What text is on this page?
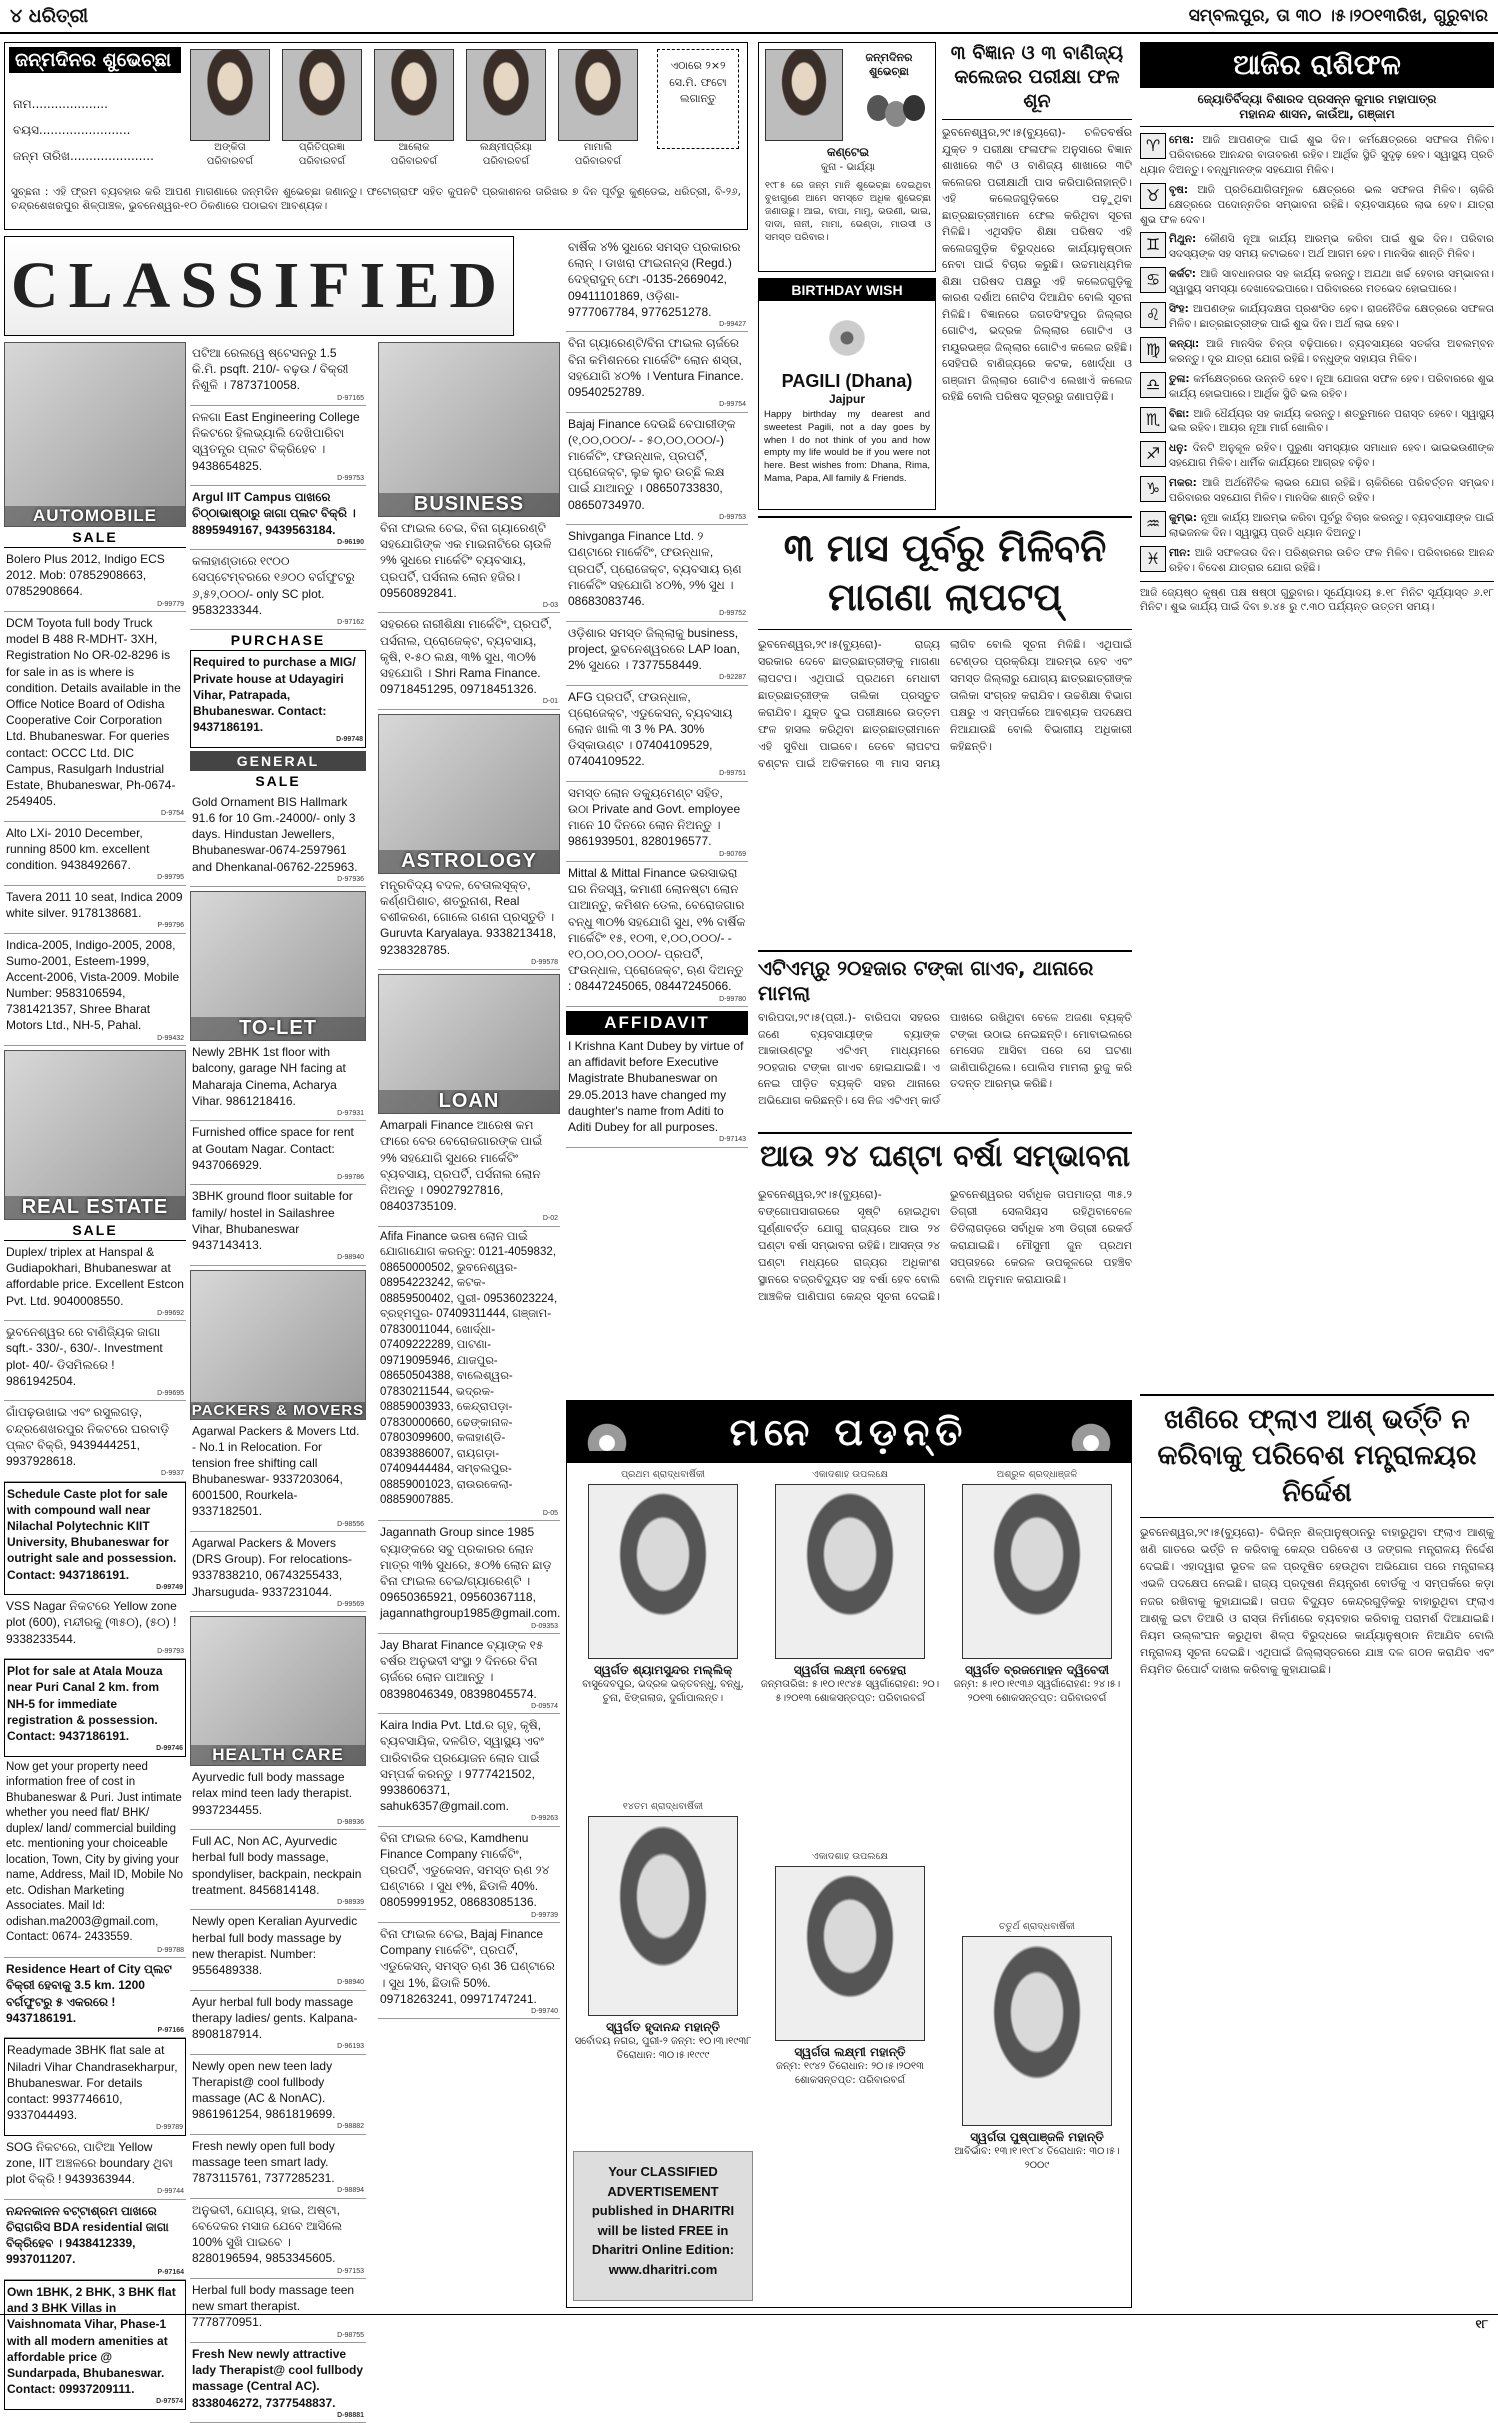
୪ ଧରିତ୍ରୀ	ସମ୍ବଲପୁର, ତା ୩୦ ।୫।୨୦୧୩ରିଖ, ଗୁରୁବାର
ଜନ୍ମଦିନର ଶୁଭେଚ୍ଛା
ନାମ....................
ବୟସ........................
ଜନ୍ମ ତାରିଖ......................
ଅଙ୍କିତା
ପରିବାରବର୍ଗ
ପ୍ରିତିପ୍ରଜ୍ଞା
ପରିବାରବର୍ଗ
ଆଲୋକ
ପରିବାରବର୍ଗ
ଲକ୍ଷ୍ମୀପ୍ରିୟା
ପରିବାରବର୍ଗ
ମାମାଲି
ପରିବାରବର୍ଗ
ଏଠାରେ ୨×୨ ସେ.ମି. ଫଟୋ ଲଗାନ୍ତୁ
ସୁଚ୍ଛନା : ଏହି ଫ୍ରମ ବ୍ୟବହାର କରି ଆପଣ ମାଗଣାରେ ଜନ୍ମଦିନ ଶୁଭେଚ୍ଛା ଜଣାନ୍ତୁ। ଫଟୋଗ୍ରାଫ ସହିତ କୁପନଟି ପ୍ରକାଶନର ତାରିଖର ୭ ଦିନ ପୂର୍ବରୁ କୁଣ୍ଡେଇ, ଧରିତ୍ରୀ, ବି-୨୬, ଚନ୍ଦ୍ରଶେଖରପୁର ଶିଳ୍ପାଞ୍ଚଳ, ଭୁବନେଶ୍ୱର-୧୦ ଠିକଣାରେ ପଠାଇବା ଆବଶ୍ୟକ।
CLASSIFIED
AUTOMOBILE
SALE
Bolero Plus 2012, Indigo ECS 2012. Mob: 07852908663, 07852908664.
D-99779
DCM Toyota full body Truck model B 488 R-MDHT- 3XH, Registration No OR-02-8296 is for sale in as is where is condition. Details available in the Office Notice Board of Odisha Cooperative Coir Corporation Ltd. Bhubaneswar. For queries contact: OCCC Ltd. DIC Campus, Rasulgarh Industrial Estate, Bhubaneswar, Ph-0674-2549405.
D-9754
Alto LXi- 2010 December, running 8500 km. excellent condition. 9438492667.
D-99795
Tavera 2011 10 seat, Indica 2009 white silver. 9178138681.
P-99796
Indica-2005, Indigo-2005, 2008, Sumo-2001, Esteem-1999, Accent-2006, Vista-2009. Mobile Number: 9583106594, 7381421357, Shree Bharat Motors Ltd., NH-5, Pahal.
D-99432
REAL ESTATE
SALE
Duplex/ triplex at Hanspal & Gudiapokhari, Bhubaneswar at affordable price. Excellent Estcon Pvt. Ltd. 9040008550.
D-99692
ଭୁବନେଶ୍ୱର ରେ ବାଣିଜ୍ୟିକ ଜାଗା sqft.- 330/-, 630/-. Investment plot- 40/- ଡିସମିଲରେ ! 9861942504.
D-99695
ଗାଁପଢ଼ଉଖାଇ ଏବଂ ରସୁଲଗଡ଼, ଚନ୍ଦ୍ରଶେଖରପୁର ନିକଟରେ ଘରବାଡ଼ି ପ୍ଲଟ ବିକ୍ରି, 9439444251, 9937928618.
D-9937
Schedule Caste plot for sale with compound wall near Nilachal Polytechnic KIIT University, Bhubaneswar for outright sale and possession. Contact: 9437186191.
D-99749
VSS Nagar ନିକଟରେ Yellow zone plot (600), ମନ୍ଦୀରକୁ (୩୫୦), (୫୦) ! 9338233544.
D-99793
Plot for sale at Atala Mouza near Puri Canal 2 km. from NH-5 for immediate registration & possession. Contact: 9437186191.
D-99746
Now get your property need information free of cost in Bhubaneswar & Puri. Just intimate whether you need flat/ BHK/ duplex/ land/ commercial building etc. mentioning your choiceable location, Town, City by giving your name, Address, Mail ID, Mobile No etc. Odishan Marketing Associates. Mail Id: odishan.ma2003@gmail.com, Contact: 0674- 2433559.
D-99788
Residence Heart of City ପ୍ଲଟ ବିକ୍ରୀ ହେବାକୁ 3.5 km. 1200 ବର୍ଗଫୁଟରୁ ୫ ଏକରରେ ! 9437186191.
P-97166
Readymade 3BHK flat sale at Niladri Vihar Chandrasekharpur, Bhubaneswar. For details contact: 9937746610, 9337044493.
D-99789
SOG ନିକଟରେ, ପାଟିଆ Yellow zone, IIT ଅଞ୍ଚଳରେ boundary ଥିବା plot ବିକ୍ରି ! 9439363944.
D-99744
ନନ୍ଦନକାନନ ବଟ୍ଟାଶ୍ରମ ପାଖରେ ଚିରାଗରିସ BDA residential ଜାଗା ବିକ୍ରିହେବ । 9438412339, 9937011207.
P-97164
Own 1BHK, 2 BHK, 3 BHK flat and 3 BHK Villas in Vaishnomata Vihar, Phase-1 with all modern amenities at affordable price @ Sundarpada, Bhubaneswar. Contact: 09937209111.
D-97574
ପଟିଆ ରେଲୱେ ଷ୍ଟେସନରୁ 1.5 କି.ମି. psqft. 210/- ବଢ଼ଉ / ବିକ୍ରୀ ନିଶୁଳି । 7873710058.
D-97165
ନଳଗା East Engineering College ନିକଟରେ ହିଲଭ୍ୟାଲି ଦେଖିପାରିବା ସ୍ୱତନ୍ତ୍ର ପ୍ଲଟ ବିକ୍ରିହେବ । 9438654825.
D-99753
Argul IIT Campus ପାଖରେ ଚିଠ୍ଠାଭାଷ୍ଠାରୁ ଜାଗା ପ୍ଲଟ ବିକ୍ରି । 8895949167, 9439563184.
D-96190
କଳାହାଣ୍ଡାରେ ୧୯୦୦ ସେପ୍ଟେମ୍ବରରେ ୧୬୦୦ ବର୍ଗଫୁଟରୁ ୬,୫୨,୦୦୦/- only SC plot. 9583233344.
D-97162
PURCHASE
Required to purchase a MIG/ Private house at Udayagiri Vihar, Patrapada, Bhubaneswar. Contact: 9437186191.
D-99748
GENERAL
SALE
Gold Ornament BIS Hallmark 91.6 for 10 Gm.-24000/- only 3 days. Hindustan Jewellers, Bhubaneswar-0674-2597961 and Dhenkanal-06762-225963.
D-97936
TO-LET
Newly 2BHK 1st floor with balcony, garage NH facing at Maharaja Cinema, Acharya Vihar. 9861218416.
D-97931
Furnished office space for rent at Goutam Nagar. Contact: 9437066929.
D-99786
3BHK ground floor suitable for family/ hostel in Sailashree Vihar, Bhubaneswar 9437143413.
D-98940
PACKERS & MOVERS
Agarwal Packers & Movers Ltd. - No.1 in Relocation. For tension free shifting call Bhubaneswar- 9337203064, 6001500, Rourkela- 9337182501.
D-98556
Agarwal Packers & Movers (DRS Group). For relocations- 9337838210, 06743255433, Jharsuguda- 9337231044.
D-99569
HEALTH CARE
Ayurvedic full body massage relax mind teen lady therapist. 9937234455.
D-98936
Full AC, Non AC, Ayurvedic herbal full body massage, spondyliser, backpain, neckpain treatment. 8456814148.
D-98939
Newly open Keralian Ayurvedic herbal full body massage by new therapist. Number: 9556489338.
D-98940
Ayur herbal full body massage therapy ladies/ gents. Kalpana- 8908187914.
D-96193
Newly open new teen lady Therapist@ cool fullbody massage (AC & NonAC). 9861961254, 9861819699.
D-98882
Fresh newly open full body massage teen smart lady. 7873115761, 7377285231.
D-98894
ଅନୁଭବୀ, ଯୋଗ୍ୟ, ହାଇ, ଅଷ୍ଟା, ବେଦେକର ମସାଜ ଯେବେ ଆସିଲେ 100% ସୁଖି ପାଇବେ । 8280196594, 9853345605.
D-97153
Herbal full body massage teen new smart therapist. 7778770951.
D-98755
Fresh New newly attractive lady Therapist@ cool fullbody massage (Central AC). 8338046272, 7377548837.
D-98881
BUSINESS
ବିନା ଫାଇଲ ଚେଇ, ବିନା ଗ୍ୟାରେଣ୍ଟି ସହଯୋଗିଙ୍କ ଏକ ମାଇନାଟିରେ ଚାଉଳି ୨% ସୁଧରେ ମାର୍କେଟିଂ ବ୍ୟବସାୟ, ପ୍ରପର୍ଟି, ପର୍ସନାଲ ଲୋନ ହଜିର। 09560892841.
D-03
ସହରରେ ନାରୀଶିକ୍ଷା ମାର୍କେଟିଂ, ପ୍ରପର୍ଟି, ପର୍ସନାଲ, ପ୍ରୋଜେକ୍ଟ, ବ୍ୟବସାୟ, କୃଷି, ୧-୫୦ ଲକ୍ଷ, ୩% ସୁଧ, ୩୦% ସହଯୋଗି । Shri Rama Finance. 09718451295, 09718451326.
D-01
ASTROLOGY
ମନ୍ତ୍ରବିଦ୍ୟ ବଦଳ, ବେତାଲସୂକ୍ତ, କର୍ଣ୍ଣପିଶାଚ, ଶତ୍ରୁନାଶ, Real ବଶୀକରଣ, ଗୋଲେ ଗଣନା ପ୍ରସ୍ତୁତି । Guruvta Karyalaya. 9338213418, 9238328785.
D-99578
LOAN
Amarpali Finance ଆରେଷ କମ ଫାରେ ବେର ବେରୋଜଗାରଙ୍କ ପାଇଁ ୨% ସହଯୋଗି ସୁଧରେ ମାର୍କେଟିଂ ବ୍ୟବସାୟ, ପ୍ରପର୍ଟି, ପର୍ସନାଲ ଲୋନ ନିଅନ୍ତୁ । 09027927816, 08403735109.
D-02
Afifa Finance ଭରଷ ଲୋନ ପାଇଁ ଯୋଗାଯୋଗ କରନ୍ତୁ: 0121-4059832, 08650000502, ଭୁବନେଶ୍ୱର- 08954223242, କଟକ- 08859500402, ପୁରୀ- 09536023224, ବ୍ରହ୍ମପୁର- 07409311444, ଗଞ୍ଜାମ- 07830011044, ଖୋର୍ଦ୍ଧା- 07409222289, ପାଟଣା- 09719095946, ଯାଜପୁର- 08650504388, ବାଲେଶ୍ୱର- 07830211544, ଭଦ୍ରକ- 08859003933, କେନ୍ଦ୍ରାପଡ଼ା- 07830000660, ଢେଙ୍କାନାଳ- 07803099600, କଳାହାଣ୍ଡି- 08393886007, ରାୟଗଡ଼ା- 07409444484, ସମ୍ବଲପୁର- 08859001023, ରାଉରକେଲା- 08859007885.
D-05
Jagannath Group since 1985 ବ୍ୟାଙ୍କରେ ସବୁ ପ୍ରକାରର ଲୋନ ମାତ୍ର ୩% ସୁଧରେ, ୫୦% ଲୋନ ଛାଡ଼ ବିନା ଫାଇଲ ଚେଇ/ଗ୍ୟାରେଣ୍ଟି । 09650365921, 09560367118, jagannathgroup1985@gmail.com.
D-09353
Jay Bharat Finance ବ୍ୟାଙ୍କ ୧୫ ବର୍ଷର ଅନୁଭବୀ ସଂସ୍ଥା ୨ ଦିନରେ ବିନା ଚାର୍ଜରେ ଲୋନ ପାଆନ୍ତୁ । 08398046349, 08398045574.
D-09574
Kaira India Pvt. Ltd.ର ଗୃହ, କୃଷି, ବ୍ୟବସାୟିକ, ଦଳଗିତ, ସ୍ୱାସ୍ଥ୍ୟ ଏବଂ ପାରିବାରିକ ପ୍ରୟୋଜନ ଲୋନ ପାଇଁ ସମ୍ପର୍କ କରନ୍ତୁ । 9777421502, 9938606371, sahuk6357@gmail.com.
D-99263
ବିନା ଫାଇଲ ଚେଇ, Kamdhenu Finance Company ମାର୍କେଟିଂ, ପ୍ରପର୍ଟି, ଏଡୁକେସନ, ସମସ୍ତ ଋଣ ୨୪ ଘଣ୍ଟାରେ । ସୁଧ ୧%, ଛିଡାଳି 40%. 08059991952, 08683085136.
D-99739
ବିନା ଫାଇଲ ଚେଇ, Bajaj Finance Company ମାର୍କେଟିଂ, ପ୍ରପର୍ଟି, ଏଡୁକେସନ୍, ସମସ୍ତ ଋଣ 36 ଘଣ୍ଟାରେ । ସୁଧ 1%, ଛିଡାଳି 50%. 09718263241, 09971747241.
D-99740
ବାର୍ଷିକ ୪% ସୁଧରେ ସମସ୍ତ ପ୍ରକାରର ଲୋନ୍ । ଡାଖରା ଫାଇନାନ୍ସ (Regd.) ଦେହ୍ରାଦୁନ୍ ଫୋ -0135-2669042, 09411101869, ଓଡ଼ିଶା- 9777067784, 9776251278.
D-99427
ବିନା ଗ୍ୟାରେଣ୍ଟି/ବିନା ଫାଇଲ ଚାର୍ଜରେ ବିନା କମିଶନରେ ମାର୍କେଟିଂ ଲୋନ ଶସ୍ତା, ସହଯୋଗି ୪୦% । Ventura Finance. 09540252789.
D-99754
Bajaj Finance ଦେଉଛି ବେପାରୀଙ୍କ (୧,୦୦,୦୦୦/- - ୫୦,୦୦,୦୦୦/-) ମାର୍କେଟିଂ, ଫଉନ୍ଧାଳ, ପ୍ରପର୍ଟି, ପ୍ରୋଜେକ୍ଟ, ଲୁଚ୍ଚ ଲୁଚ ଉଚ୍ଛି ଲକ୍ଷ ପାଇଁ ଯାଆନ୍ତୁ । 08650733830, 08650734970.
D-99753
Shivganga Finance Ltd. ୨ ଘଣ୍ଟାରେ ମାର୍କେଟିଂ, ଫଉନ୍ଧାଳ, ପ୍ରପର୍ଟି, ପ୍ରୋଜେକ୍ଟ, ବ୍ୟବସାୟ ଋଣ ମାର୍କେଟିଂ ସହଯୋଗି ୪୦%, ୨% ସୁଧ । 08683083746.
D-99752
ଓଡ଼ିଶାର ସମସ୍ତ ଜିଲ୍ଲାକୁ business, project, ଭୁବନେଶ୍ୱରରେ LAP loan, 2% ସୁଧରେ । 7377558449.
D-92287
AFG ପ୍ରପର୍ଟି, ଫଉନ୍ଧାଳ, ପ୍ରୋଜେକ୍ଟ, ଏଡୁକେସନ୍, ବ୍ୟବସାୟ ଲୋନ ଖାଲି ୩ 3 % PA. 30% ଡିସ୍କାଉଣ୍ଟ । 07404109529, 07404109522.
D-99751
ସମସ୍ତ ଲୋନ ଡକ୍ୟୁମେଣ୍ଟ ସହିତ, ଉଠା Private and Govt. employee ମାନେ 10 ଦିନରେ ଲୋନ ନିଅନ୍ତୁ । 9861939501, 8280196577.
D-90769
Mittal & Mittal Finance ଭରସାଭରା ଘର ନିଜସ୍ୱ, କମାଣୀ ଲୋନଷ୍ଟା ଲୋନ ପାଆନ୍ତୁ, କମିଶନ ଡେଲ, ବେରୋଜଗାର ବନ୍ଧୁ ୩୦% ସହଯୋଗି ସୁଧ, ୧% ବାର୍ଷିକ ମାର୍କେଟିଂ ୧୫, ୧୦୩, ୧,୦୦,୦୦୦/- - ୧୦,୦୦,୦୦,୦୦୦/- ପ୍ରପର୍ଟି, ଫଉନ୍ଧାଳ, ପ୍ରୋଜେକ୍ଟ, ଋଣ ଦିଅନ୍ତୁ : 08447245065, 08447245066.
D-99780
AFFIDAVIT
I Krishna Kant Dubey by virtue of an affidavit before Executive Magistrate Bhubaneswar on 29.05.2013 have changed my daughter's name from Aditi to Aditi Dubey for all purposes.
D-97143
ଜନ୍ମଦିନର ଶୁଭେଚ୍ଛା
କଣ୍ଟେଇ
କୁନା - ଭାର୍ଯ୍ୟା
୧୯୮୫ ରେ ଜନ୍ମ ମାନି ଶୁଭେଚ୍ଛା ଦେଇଥିବା ବୁଝାଗୁଣେ ଆମେ ସମସ୍ତେ ଅଧିକ ଶୁଭେଚ୍ଛା ଜଣାଉଛୁ। ଆଇ, ବାପା, ମାମୁ, ଭଉଣୀ, ଭାଇ, ଦାଦା, ନାନୀ, ମାମା, ଭେଣ୍ଡା, ମାଉସୀ ଓ ସମସ୍ତ ପରିବାର।
BIRTHDAY WISH
PAGILI (Dhana)
Jajpur
Happy birthday my dearest and sweetest Pagili, not a day goes by when I do not think of you and how empty my life would be if you were not here. Best wishes from: Dhana, Rima, Mama, Papa, All family & Friends.
୩ ବିଜ୍ଞାନ ଓ ୩ ବାଣିଜ୍ୟ କଲେଜର ପରୀକ୍ଷା ଫଳ ଶୂନ
ଭୁବନେଶ୍ୱର,୨୯।୫(ବ୍ୟୁରୋ)- ଚଳିତବର୍ଷର ଯୁକ୍ତ ୨ ପରୀକ୍ଷା ଫଳାଫଳ ଅନୁସାରେ ବିଜ୍ଞାନ ଶାଖାରେ ୩ଟି ଓ ବାଣିଜ୍ୟ ଶାଖାରେ ୩ଟି କଲେଜର ପରୀକ୍ଷାର୍ଥୀ ପାସ କରିପାରିନାହାନ୍ତି। ଏହି କଲେଜଗୁଡ଼ିକରେ ପଢ଼ୁଥିବା ଛାତ୍ରଛାତ୍ରୀମାନେ ଫେଲ କରିଥିବା ସୂଚନା ମିଳିଛି। ଏଥିସହିତ ଶିକ୍ଷା ପରିଷଦ ଏହି କଲେଜଗୁଡ଼ିକ ବିରୁଦ୍ଧରେ କାର୍ଯ୍ୟାନୁଷ୍ଠାନ ନେବା ପାଇଁ ବିଚାର କରୁଛି। ଉଚ୍ଚମାଧ୍ୟମିକ ଶିକ୍ଷା ପରିଷଦ ପକ୍ଷରୁ ଏହି କଲେଜଗୁଡ଼ିକୁ କାରଣ ଦର୍ଶାଅ ନୋଟିସ ଦିଆଯିବ ବୋଲି ସୂଚନା ମିଳିଛି। ବିଜ୍ଞାନରେ ଜଗତସିଂହପୁର ଜିଲ୍ଲାର ଗୋଟିଏ, ଭଦ୍ରକ ଜିଲ୍ଲାର ଗୋଟିଏ ଓ ମୟୂରଭଞ୍ଜ ଜିଲ୍ଲାର ଗୋଟିଏ କଲେଜ ରହିଛି। ସେହିପରି ବାଣିଜ୍ୟରେ କଟକ, ଖୋର୍ଦ୍ଧା ଓ ଗଞ୍ଜାମ ଜିଲ୍ଲାର ଗୋଟିଏ ଲେଖାଏଁ କଲେଜ ରହିଛି ବୋଲି ପରିଷଦ ସୂତ୍ରରୁ ଜଣାପଡ଼ିଛି।
୩ ମାସ ପୂର୍ବରୁ ମିଳିବନି ମାଗଣା ଲାପଟପ୍
ଭୁବନେଶ୍ୱର,୨୯।୫(ବ୍ୟୁରୋ)- ରାଜ୍ୟ ସରକାର ଦେବେ ଛାତ୍ରଛାତ୍ରୀଙ୍କୁ ମାଗଣା ଲାପଟପ। ଏଥିପାଇଁ ପ୍ରଥମେ ମେଧାବୀ ଛାତ୍ରଛାତ୍ରୀଙ୍କ ତାଲିକା ପ୍ରସ୍ତୁତ କରାଯିବ। ଯୁକ୍ତ ଦୁଇ ପରୀକ୍ଷାରେ ଉତ୍ତମ ଫଳ ହାସଲ କରିଥିବା ଛାତ୍ରଛାତ୍ରୀମାନେ ଏହି ସୁବିଧା ପାଇବେ। ତେବେ ଲାପଟପ ବଣ୍ଟନ ପାଇଁ ଅତିକମରେ ୩ ମାସ ସମୟ ଲାଗିବ ବୋଲି ସୂଚନା ମିଳିଛି। ଏଥିପାଇଁ ଟେଣ୍ଡର ପ୍ରକ୍ରିୟା ଆରମ୍ଭ ହେବ ଏବଂ ସମସ୍ତ ଜିଲ୍ଲାରୁ ଯୋଗ୍ୟ ଛାତ୍ରଛାତ୍ରୀଙ୍କ ତାଲିକା ସଂଗ୍ରହ କରାଯିବ। ଉଚ୍ଚଶିକ୍ଷା ବିଭାଗ ପକ୍ଷରୁ ଏ ସମ୍ପର୍କରେ ଆବଶ୍ୟକ ପଦକ୍ଷେପ ନିଆଯାଉଛି ବୋଲି ବିଭାଗୀୟ ଅଧିକାରୀ କହିଛନ୍ତି।
ଆଉ ୨୪ ଘଣ୍ଟା ବର୍ଷା ସମ୍ଭାବନା
ଭୁବନେଶ୍ୱର,୨୯।୫(ବ୍ୟୁରୋ)- ବଙ୍ଗୋପସାଗରରେ ସୃଷ୍ଟି ହୋଇଥିବା ଘୂର୍ଣ୍ଣାବର୍ତ୍ତ ଯୋଗୁ ରାଜ୍ୟରେ ଆଉ ୨୪ ଘଣ୍ଟା ବର୍ଷା ସମ୍ଭାବନା ରହିଛି। ଆସନ୍ତା ୨୪ ଘଣ୍ଟା ମଧ୍ୟରେ ରାଜ୍ୟର ଅଧିକାଂଶ ସ୍ଥାନରେ ବଜ୍ରବିଦ୍ୟୁତ ସହ ବର୍ଷା ହେବ ବୋଲି ଆଞ୍ଚଳିକ ପାଣିପାଗ କେନ୍ଦ୍ର ସୂଚନା ଦେଇଛି। ଭୁବନେଶ୍ୱରର ସର୍ବାଧିକ ତାପମାତ୍ରା ୩୫.୨ ଡିଗ୍ରୀ ସେଲସିୟସ ରହିଥିବାବେଳେ ତିତିଲାଗଡ଼ରେ ସର୍ବାଧିକ ୪୩ ଡିଗ୍ରୀ ରେକର୍ଡ କରାଯାଇଛି। ମୌସୁମୀ ଜୁନ ପ୍ରଥମ ସପ୍ତାହରେ କେରଳ ଉପକୂଳରେ ପହଞ୍ଚିବ ବୋଲି ଅନୁମାନ କରାଯାଉଛି।
ଏଟିଏମ୍‌ରୁ ୨୦ହଜାର ଟଙ୍କା ଗାଏବ, ଥାନାରେ ମାମଲା
ବାରିପଦା,୨୯।୫(ପ୍ରୀ.)- ବାରିପଦା ସହରର ଜଣେ ବ୍ୟବସାୟୀଙ୍କ ବ୍ୟାଙ୍କ ଆକାଉଣ୍ଟରୁ ଏଟିଏମ୍ ମାଧ୍ୟମରେ ୨୦ହଜାର ଟଙ୍କା ଗାଏବ ହୋଇଯାଇଛି। ଏ ନେଇ ପୀଡ଼ିତ ବ୍ୟକ୍ତି ସହର ଥାନାରେ ଅଭିଯୋଗ କରିଛନ୍ତି। ସେ ନିଜ ଏଟିଏମ୍ କାର୍ଡ ପାଖରେ ରଖିଥିବା ବେଳେ ଅଜଣା ବ୍ୟକ୍ତି ଟଙ୍କା ଉଠାଇ ନେଇଛନ୍ତି। ମୋବାଇଲରେ ମେସେଜ ଆସିବା ପରେ ସେ ଘଟଣା ଜାଣିପାରିଥିଲେ। ପୋଲିସ ମାମଲା ରୁଜୁ କରି ତଦନ୍ତ ଆରମ୍ଭ କରିଛି।
ମନେ ପଡ଼ନ୍ତି
ପ୍ରଥମ ଶ୍ରାଦ୍ଧବାର୍ଷିକୀ
ସ୍ୱର୍ଗତ ଶ୍ୟାମସୁନ୍ଦର ମଲ୍ଲିକ୍
ବାସୁଦେବପୁର, ଭଦ୍ରକ ଭକ୍ତବନ୍ଧୁ, ବନ୍ଧୁ, ଚୁନା, ଝିଙ୍ଗଲାଜ, ଦୁର୍ଗାପାଲନ୍ତ।
ଏକାଦଶାହ ଉପଲକ୍ଷେ
ସ୍ୱର୍ଗତା ଲକ୍ଷ୍ମୀ ବେହେରା
ଜନ୍ମତାରିଖ: ୫।୧୦।୧୯୪୫ ସ୍ୱର୍ଗାରୋହଣ: ୨୦।୫।୨୦୧୩ ଶୋକସନ୍ତପ୍ତ: ପରିବାରବର୍ଗ
ଅଶ୍ରୁଳ ଶ୍ରଦ୍ଧାଞ୍ଜଳି
ସ୍ୱର୍ଗତ ବ୍ରଜମୋହନ ଦ୍ୱିବେଦୀ
ଜନ୍ମ: ୫।୧୦।୧୯୩୬ ସ୍ୱର୍ଗାରୋହଣ: ୨୪।୫।୨୦୧୩ ଶୋକସନ୍ତପ୍ତ: ପରିବାରବର୍ଗ
୧୪ତମ ଶ୍ରାଦ୍ଧବାର୍ଷିକୀ
ସ୍ୱର୍ଗତ ହୃଦାନନ୍ଦ ମହାନ୍ତି
ସର୍ବୋଦୟ ନଗର, ପୁରୀ-୨ ଜନ୍ମ: ୧୦।୩।୧୯୩୮ ତିରୋଧାନ: ୩୦।୫।୧୯୯୯
ଏକାଦଶାହ ଉପଲକ୍ଷେ
ସ୍ୱର୍ଗତା ଲକ୍ଷ୍ମୀ ମହାନ୍ତି
ଜନ୍ମ: ୧୯୪୨ ତିରୋଧାନ: ୨୦।୫।୨୦୧୩ ଶୋକସନ୍ତପ୍ତ: ପରିବାରବର୍ଗ
ଚତୁର୍ଥ ଶ୍ରାଦ୍ଧବାର୍ଷିକୀ
ସ୍ୱର୍ଗତା ପୁଷ୍ପାଞ୍ଜଳି ମହାନ୍ତି
ଆବିର୍ଭାବ: ୧୩।୧।୧୯୮୪ ତିରୋଧାନ: ୩୦।୫।୨୦୦୯
Your CLASSIFIED ADVERTISEMENT published in DHARITRI will be listed FREE in Dharitri Online Edition: www.dharitri.com
ଆଜିର ରାଶିଫଳ
ଜ୍ୟୋତିର୍ବିଦ୍ୟା ବିଶାରଦ ପ୍ରସନ୍ନ କୁମାର ମହାପାତ୍ର
ମହାନନ୍ଦ ଶାସନ, କାଉଁଆ, ଗଞ୍ଜାମ
♈ ମେଷ: ଆଜି ଆପଣଙ୍କ ପାଇଁ ଶୁଭ ଦିନ। କର୍ମକ୍ଷେତ୍ରରେ ସଫଳତା ମିଳିବ। ପରିବାରରେ ଆନନ୍ଦର ବାତାବରଣ ରହିବ। ଆର୍ଥିକ ସ୍ଥିତି ସୁଦୃଢ଼ ହେବ। ସ୍ୱାସ୍ଥ୍ୟ ପ୍ରତି ଧ୍ୟାନ ଦିଅନ୍ତୁ। ବନ୍ଧୁମାନଙ୍କ ସହଯୋଗ ମିଳିବ।
♉ ବୃଷ: ଆଜି ପ୍ରତିଯୋଗିତାମୂଳକ କ୍ଷେତ୍ରରେ ଭଲ ସଫଳତା ମିଳିବ। ଚାକିରି କ୍ଷେତ୍ରରେ ପଦୋନ୍ନତିର ସମ୍ଭାବନା ରହିଛି। ବ୍ୟବସାୟରେ ଲାଭ ହେବ। ଯାତ୍ରା ଶୁଭ ଫଳ ଦେବ।
♊ ମିଥୁନ: କୌଣସି ନୂଆ କାର୍ଯ୍ୟ ଆରମ୍ଭ କରିବା ପାଇଁ ଶୁଭ ଦିନ। ପରିବାର ସଦସ୍ୟଙ୍କ ସହ ସମୟ କଟାଇବେ। ଅର୍ଥ ଆଗମ ହେବ। ମାନସିକ ଶାନ୍ତି ମିଳିବ।
♋ କର୍କଟ: ଆଜି ସାବଧାନତାର ସହ କାର୍ଯ୍ୟ କରନ୍ତୁ। ଅଯଥା ଖର୍ଚ୍ଚ ହେବାର ସମ୍ଭାବନା। ସ୍ୱାସ୍ଥ୍ୟ ସମସ୍ୟା ଦେଖାଦେଇପାରେ। ପରିବାରରେ ମତଭେଦ ହୋଇପାରେ।
♌ ସିଂହ: ଆପଣଙ୍କ କାର୍ଯ୍ୟଦକ୍ଷତା ପ୍ରଶଂସିତ ହେବ। ରାଜନୈତିକ କ୍ଷେତ୍ରରେ ସଫଳତା ମିଳିବ। ଛାତ୍ରଛାତ୍ରୀଙ୍କ ପାଇଁ ଶୁଭ ଦିନ। ଅର୍ଥ ଲାଭ ହେବ।
♍ କନ୍ୟା: ଆଜି ମାନସିକ ଚିନ୍ତା ବଢ଼ିପାରେ। ବ୍ୟବସାୟରେ ସତର୍କତା ଅବଲମ୍ବନ କରନ୍ତୁ। ଦୂର ଯାତ୍ରା ଯୋଗ ରହିଛି। ବନ୍ଧୁଙ୍କ ସହାୟତା ମିଳିବ।
♎ ତୁଳା: କର୍ମକ୍ଷେତ୍ରରେ ଉନ୍ନତି ହେବ। ନୂଆ ଯୋଜନା ସଫଳ ହେବ। ପରିବାରରେ ଶୁଭ କାର୍ଯ୍ୟ ହୋଇପାରେ। ଆର୍ଥିକ ସ୍ଥିତି ଭଲ ରହିବ।
♏ ବିଛା: ଆଜି ଧୈର୍ଯ୍ୟର ସହ କାର୍ଯ୍ୟ କରନ୍ତୁ। ଶତ୍ରୁମାନେ ପରାସ୍ତ ହେବେ। ସ୍ୱାସ୍ଥ୍ୟ ଭଲ ରହିବ। ଆୟର ନୂଆ ମାର୍ଗ ଖୋଲିବ।
♐ ଧନୁ: ଦିନଟି ଅନୁକୂଳ ରହିବ। ପୁରୁଣା ସମସ୍ୟାର ସମାଧାନ ହେବ। ଭାଇଭଉଣୀଙ୍କ ସହଯୋଗ ମିଳିବ। ଧାର୍ମିକ କାର୍ଯ୍ୟରେ ଆଗ୍ରହ ବଢ଼ିବ।
♑ ମକର: ଆଜି ଅର୍ଥନୈତିକ ଲାଭର ଯୋଗ ରହିଛି। ଚାକିରିରେ ପରିବର୍ତ୍ତନ ସମ୍ଭବ। ପରିବାରର ସହଯୋଗ ମିଳିବ। ମାନସିକ ଶାନ୍ତି ରହିବ।
♒ କୁମ୍ଭ: ନୂଆ କାର୍ଯ୍ୟ ଆରମ୍ଭ କରିବା ପୂର୍ବରୁ ବିଚାର କରନ୍ତୁ। ବ୍ୟବସାୟୀଙ୍କ ପାଇଁ ଲାଭଜନକ ଦିନ। ସ୍ୱାସ୍ଥ୍ୟ ପ୍ରତି ଧ୍ୟାନ ଦିଅନ୍ତୁ।
♓ ମୀନ: ଆଜି ସଫଳତାର ଦିନ। ପରିଶ୍ରମର ଉଚିତ ଫଳ ମିଳିବ। ପରିବାରରେ ଆନନ୍ଦ ରହିବ। ବିଦେଶ ଯାତ୍ରାର ଯୋଗ ରହିଛି।
ଆଜି ଜ୍ୟେଷ୍ଠ କୃଷ୍ଣ ପକ୍ଷ ଷଷ୍ଠୀ ଗୁରୁବାର। ସୂର୍ଯ୍ୟୋଦୟ ୫.୧୮ ମିନିଟ ସୂର୍ଯ୍ୟାସ୍ତ ୬.୧୮ ମିନିଟ। ଶୁଭ କାର୍ଯ୍ୟ ପାଇଁ ଦିବା ୭.୪୫ ରୁ ୯.୩୦ ପର୍ଯ୍ୟନ୍ତ ଉତ୍ତମ ସମୟ।
ଖଣିରେ ଫ୍ଲାଏ ଆଶ୍ ଭର୍ତ୍ତି ନ କରିବାକୁ ପରିବେଶ ମନ୍ତ୍ରାଳୟର ନିର୍ଦ୍ଦେଶ
ଭୁବନେଶ୍ୱର,୨୯।୫(ବ୍ୟୁରୋ)- ବିଭିନ୍ନ ଶିଳ୍ପାନୁଷ୍ଠାନରୁ ବାହାରୁଥିବା ଫ୍ଲାଏ ଆଶ୍‌କୁ ଖଣି ଗାତରେ ଭର୍ତ୍ତି ନ କରିବାକୁ କେନ୍ଦ୍ର ପରିବେଶ ଓ ଜଙ୍ଗଲ ମନ୍ତ୍ରାଳୟ ନିର୍ଦ୍ଦେଶ ଦେଇଛି। ଏହାଦ୍ୱାରା ଭୂତଳ ଜଳ ପ୍ରଦୂଷିତ ହେଉଥିବା ଅଭିଯୋଗ ପରେ ମନ୍ତ୍ରାଳୟ ଏଭଳି ପଦକ୍ଷେପ ନେଇଛି। ରାଜ୍ୟ ପ୍ରଦୂଷଣ ନିୟନ୍ତ୍ରଣ ବୋର୍ଡକୁ ଏ ସମ୍ପର୍କରେ କଡ଼ା ନଜର ରଖିବାକୁ କୁହାଯାଇଛି। ତାପଜ ବିଦ୍ୟୁତ କେନ୍ଦ୍ରଗୁଡ଼ିକରୁ ବାହାରୁଥିବା ଫ୍ଲାଏ ଆଶ୍‌କୁ ଇଟା ତିଆରି ଓ ରାସ୍ତା ନିର୍ମାଣରେ ବ୍ୟବହାର କରିବାକୁ ପରାମର୍ଶ ଦିଆଯାଇଛି। ନିୟମ ଉଲ୍ଲଂଘନ କରୁଥିବା ଶିଳ୍ପ ବିରୁଦ୍ଧରେ କାର୍ଯ୍ୟାନୁଷ୍ଠାନ ନିଆଯିବ ବୋଲି ମନ୍ତ୍ରାଳୟ ସୂଚନା ଦେଇଛି। ଏଥିପାଇଁ ଜିଲ୍ଲାସ୍ତରରେ ଯାଞ୍ଚ ଦଳ ଗଠନ କରାଯିବ ଏବଂ ନିୟମିତ ରିପୋର୍ଟ ଦାଖଲ କରିବାକୁ କୁହାଯାଇଛି।
୧୮
